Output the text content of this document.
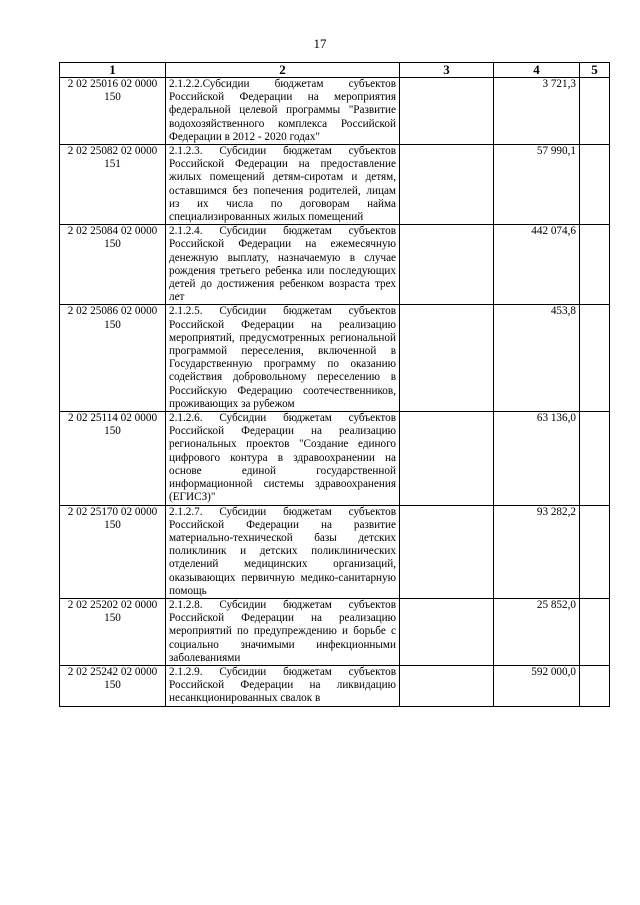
17
1	2	3	4	5
2 02 25016 02 0000 150	2.1.2.2.Субсидии бюджетам субъектов Российской Федерации на мероприятия федеральной целевой программы "Развитие водохозяйственного комплекса Российской Федерации в 2012 - 2020 годах"		3 721,3	
2 02 25082 02 0000 151	2.1.2.3. Субсидии бюджетам субъектов Российской Федерации на предоставление жилых помещений детям-сиротам и детям, оставшимся без попечения родителей, лицам из их числа по договорам найма специализированных жилых помещений		57 990,1	
2 02 25084 02 0000 150	2.1.2.4. Субсидии бюджетам субъектов Российской Федерации на ежемесячную денежную выплату, назначаемую в случае рождения третьего ребенка или последующих детей до достижения ребенком возраста трех лет		442 074,6	
2 02 25086 02 0000 150	2.1.2.5. Субсидии бюджетам субъектов Российской Федерации на реализацию мероприятий, предусмотренных региональной программой переселения, включенной в Государственную программу по оказанию содействия добровольному переселению в Российскую Федерацию соотечественников, проживающих за рубежом		453,8	
2 02 25114 02 0000 150	2.1.2.6. Субсидии бюджетам субъектов Российской Федерации на реализацию региональных проектов "Создание единого цифрового контура в здравоохранении на основе единой государственной информационной системы здравоохранения (ЕГИСЗ)"		63 136,0	
2 02 25170 02 0000 150	2.1.2.7. Субсидии бюджетам субъектов Российской Федерации на развитие материально-технической базы детских поликлиник и детских поликлинических отделений медицинских организаций, оказывающих первичную медико-санитарную помощь		93 282,2	
2 02 25202 02 0000 150	2.1.2.8. Субсидии бюджетам субъектов Российской Федерации на реализацию мероприятий по предупреждению и борьбе с социально значимыми инфекционными заболеваниями		25 852,0	
2 02 25242 02 0000 150	2.1.2.9. Субсидии бюджетам субъектов Российской Федерации на ликвидацию несанкционированных свалок в		592 000,0	
